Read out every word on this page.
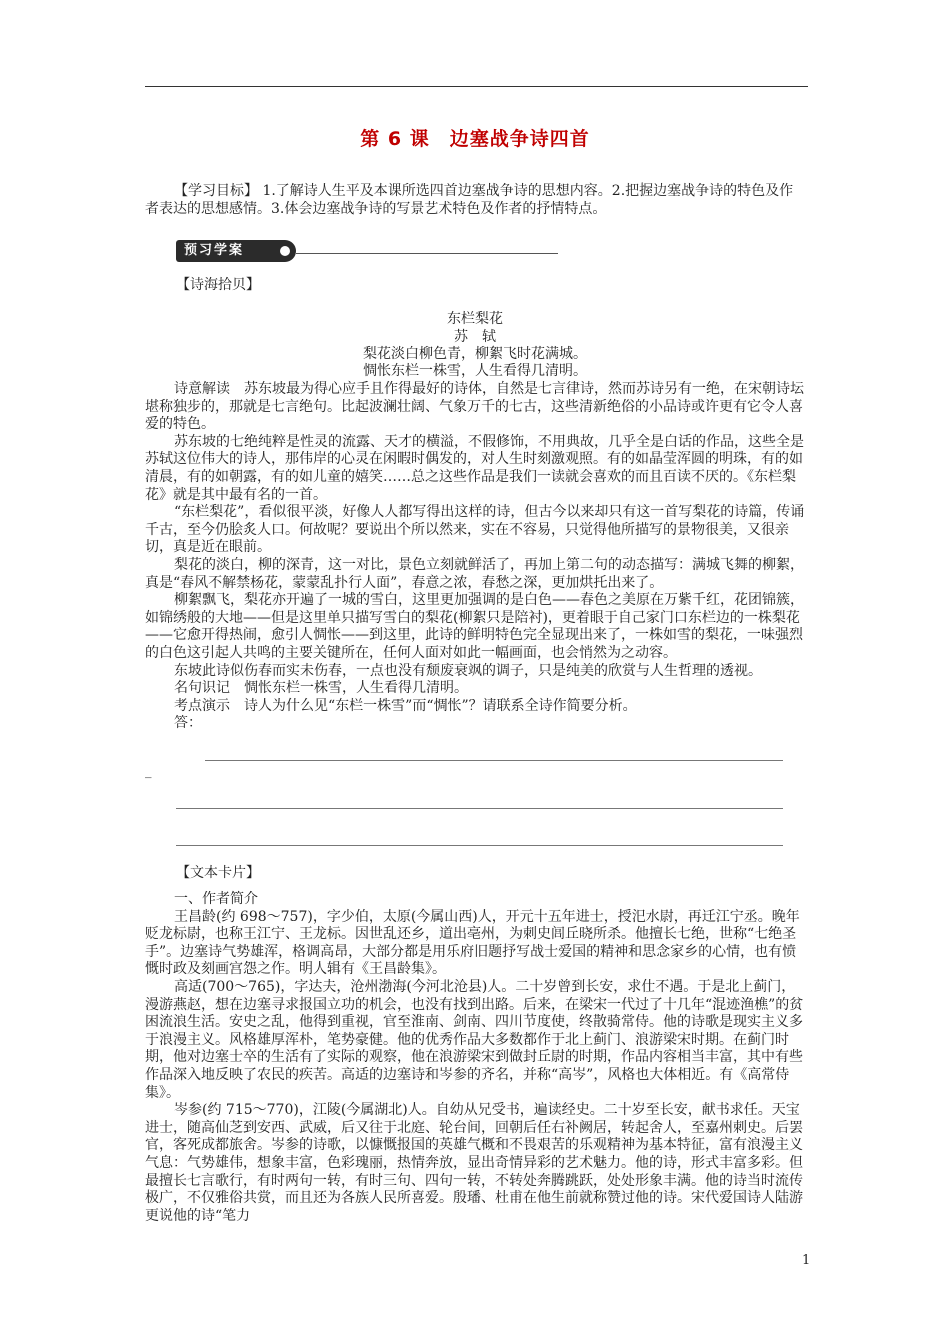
第 6 课 边塞战争诗四首

【学习目标】 1.了解诗人生平及本课所选四首边塞战争诗的思想内容。2.把握边塞战争诗的特色及作者表达的思想感情。3.体会边塞战争诗的写景艺术特色及作者的抒情特点。

预习学案
【诗海拾贝】
东栏梨花
苏　轼
梨花淡白柳色青，柳絮飞时花满城。
惆怅东栏一株雪，人生看得几清明。

诗意解读　苏东坡最为得心应手且作得最好的诗体，自然是七言律诗，然而苏诗另有一绝，在宋朝诗坛堪称独步的，那就是七言绝句。比起波澜壮阔、气象万千的七古，这些清新绝俗的小品诗或许更有它令人喜爱的特色。

苏东坡的七绝纯粹是性灵的流露、天才的横溢，不假修饰，不用典故，几乎全是白话的作品，这些全是苏轼这位伟大的诗人，那伟岸的心灵在闲暇时偶发的，对人生时刻激观照。有的如晶莹浑圆的明珠，有的如清晨，有的如朝露，有的如儿童的嬉笑……总之这些作品是我们一读就会喜欢的而且百读不厌的。《东栏梨花》就是其中最有名的一首。

“东栏梨花”，看似很平淡，好像人人都写得出这样的诗，但古今以来却只有这一首写梨花的诗篇，传诵千古，至今仍脍炙人口。何故呢？要说出个所以然来，实在不容易，只觉得他所描写的景物很美，又很亲切，真是近在眼前。

梨花的淡白，柳的深青，这一对比，景色立刻就鲜活了，再加上第二句的动态描写：满城飞舞的柳絮，真是“春风不解禁杨花，蒙蒙乱扑行人面”，春意之浓，春愁之深，更加烘托出来了。

柳絮飘飞，梨花亦开遍了一城的雪白，这里更加强调的是白色——春色之美原在万紫千红，花团锦簇，如锦绣般的大地——但是这里单只描写雪白的梨花(柳絮只是陪衬)，更着眼于自己家门口东栏边的一株梨花——它愈开得热闹，愈引人惆怅——到这里，此诗的鲜明特色完全显现出来了，一株如雪的梨花，一味强烈的白色这引起人共鸣的主要关键所在，任何人面对如此一幅画面，也会悄然为之动容。

东坡此诗似伤春而实未伤春，一点也没有颓废衰飒的调子，只是纯美的欣赏与人生哲理的透视。

名句识记　惆怅东栏一株雪，人生看得几清明。

考点演示　诗人为什么见“东栏一株雪”而“惆怅”？请联系全诗作简要分析。

答：

_
【文本卡片】

一、作者简介

王昌龄(约 698～757)，字少伯，太原(今属山西)人，开元十五年进士，授汜水尉，再迁江宁丞。晚年贬龙标尉，也称王江宁、王龙标。因世乱还乡，道出亳州，为刺史闾丘晓所杀。他擅长七绝，世称“七绝圣手”。边塞诗气势雄浑，格调高昂，大部分都是用乐府旧题抒写战士爱国的精神和思念家乡的心情，也有愤慨时政及刻画宫怨之作。明人辑有《王昌龄集》。

高适(700～765)，字达夫，沧州渤海(今河北沧县)人。二十岁曾到长安，求仕不遇。于是北上蓟门，漫游燕赵，想在边塞寻求报国立功的机会，也没有找到出路。后来，在梁宋一代过了十几年“混迹渔樵”的贫困流浪生活。安史之乱，他得到重视，官至淮南、剑南、四川节度使，终散骑常侍。他的诗歌是现实主义多于浪漫主义。风格雄厚浑朴，笔势豪健。他的优秀作品大多数都作于北上蓟门、浪游梁宋时期。在蓟门时期，他对边塞士卒的生活有了实际的观察，他在浪游梁宋到做封丘尉的时期，作品内容相当丰富，其中有些作品深入地反映了农民的疾苦。高适的边塞诗和岑参的齐名，并称“高岑”，风格也大体相近。有《高常侍集》。

岑参(约 715～770)，江陵(今属湖北)人。自幼从兄受书，遍读经史。二十岁至长安，献书求任。天宝进士，随高仙芝到安西、武威，后又往于北庭、轮台间，回朝后任右补阙居，转起舍人，至嘉州刺史。后罢官，客死成都旅舍。岑参的诗歌，以慷慨报国的英雄气概和不畏艰苦的乐观精神为基本特征，富有浪漫主义气息：气势雄伟，想象丰富，色彩瑰丽，热情奔放，显出奇情异彩的艺术魅力。他的诗，形式丰富多彩。但最擅长七言歌行，有时两句一转，有时三句、四句一转，不转处奔腾跳跃，处处形象丰满。他的诗当时流传极广，不仅雅俗共赏，而且还为各族人民所喜爱。殷璠、杜甫在他生前就称赞过他的诗。宋代爱国诗人陆游更说他的诗“笔力

1
